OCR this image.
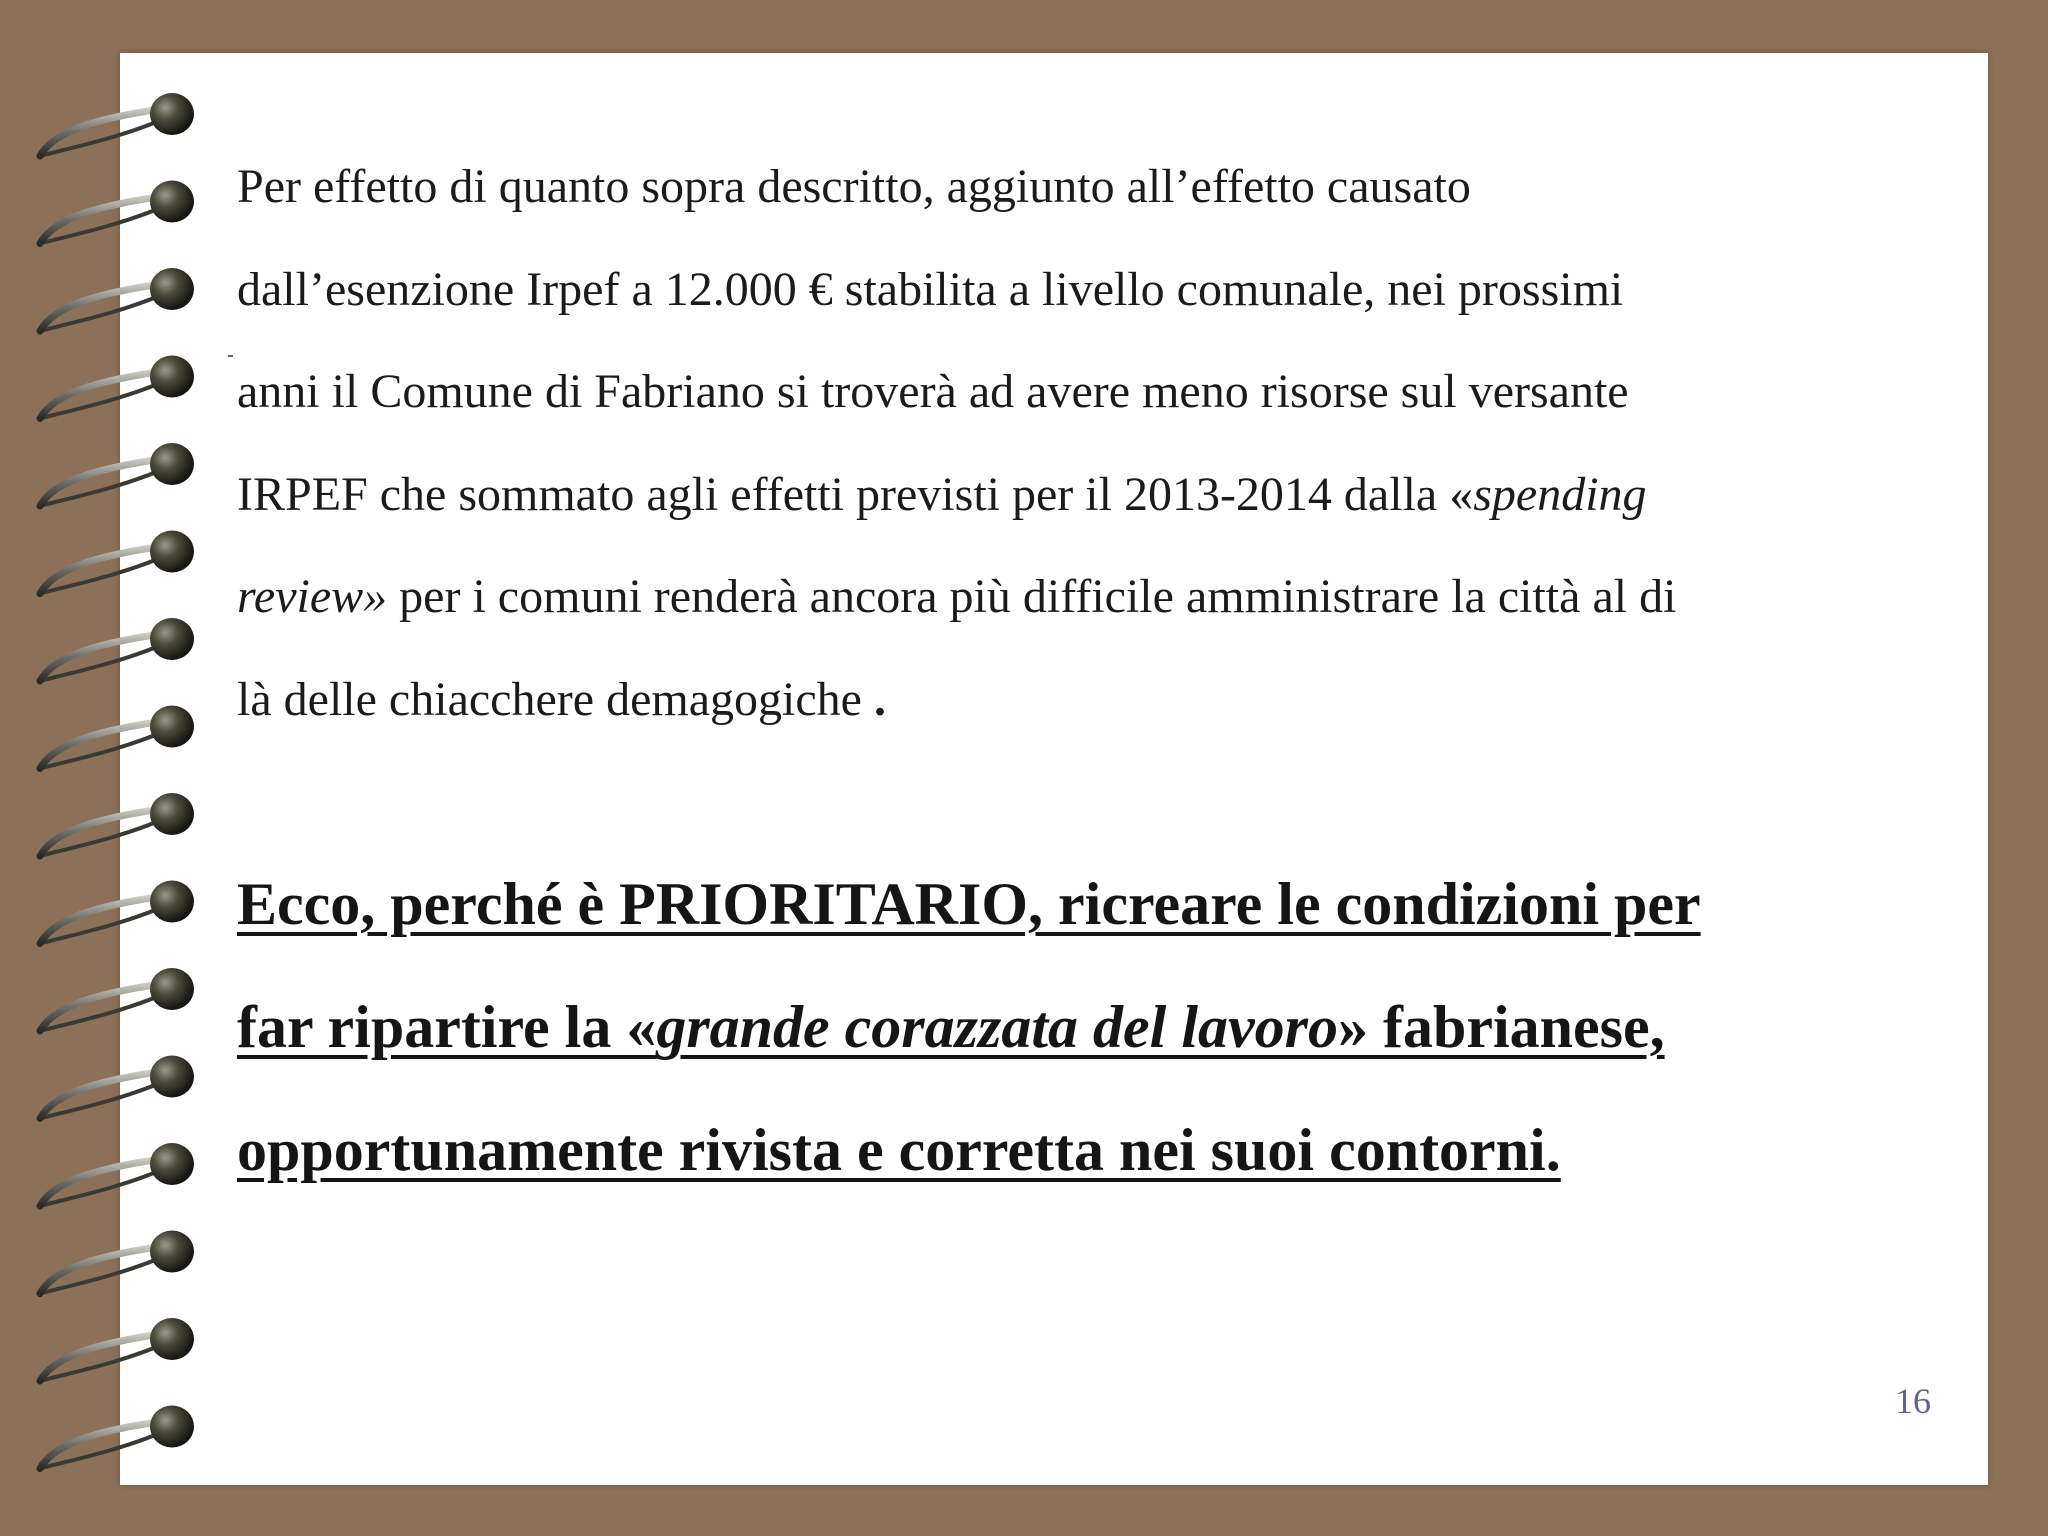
Per effetto di quanto sopra descritto, aggiunto all’effetto causato
dall’esenzione Irpef a 12.000 € stabilita a livello comunale, nei prossimi
anni il Comune di Fabriano si troverà ad avere meno risorse sul versante
IRPEF che sommato agli effetti previsti per il 2013-2014 dalla «spending
review» per i comuni renderà ancora più difficile amministrare la città al di
là delle chiacchere demagogiche .
Ecco, perché è PRIORITARIO, ricreare le condizioni per
far ripartire la «grande corazzata del lavoro» fabrianese,
opportunamente rivista e corretta nei suoi contorni.
16
